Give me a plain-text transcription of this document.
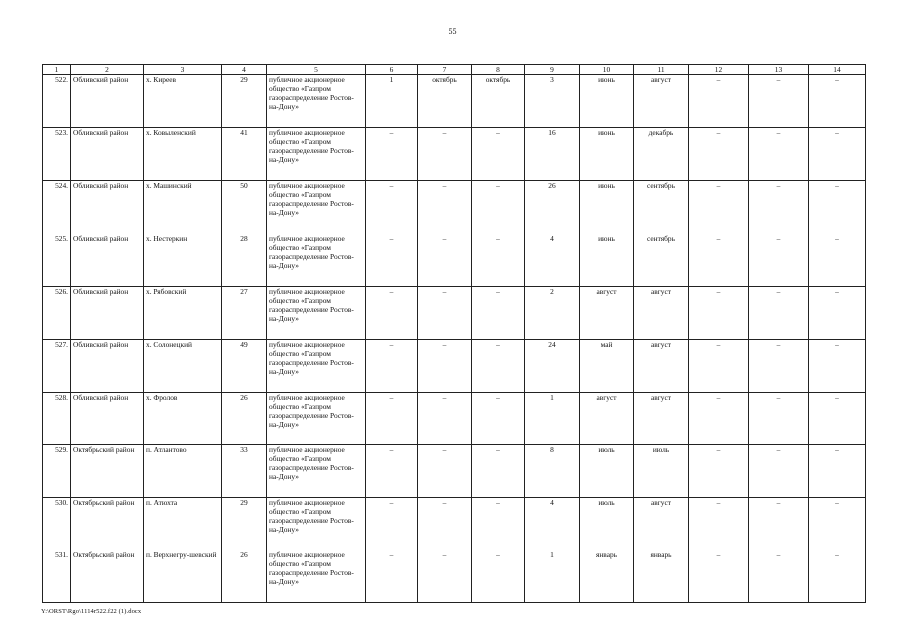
55
1	2	3	4	5	6	7	8	9	10	11	12	13	14
522.	Обливский район	х. Киреев	29	публичное акционерное общество «Газпром газораспределение Ростов-на-Дону»	1	октябрь	октябрь	3	июнь	август	–	–	–
523.	Обливский район	х. Ковыленский	41	публичное акционерное общество «Газпром газораспределение Ростов-на-Дону»	–	–	–	16	июнь	декабрь	–	–	–
524.	Обливский район	х. Машинский	50	публичное акционерное общество «Газпром газораспределение Ростов-на-Дону»	–	–	–	26	июнь	сентябрь	–	–	–
525.	Обливский район	х. Нестеркин	28	публичное акционерное общество «Газпром газораспределение Ростов-на-Дону»	–	–	–	4	июнь	сентябрь	–	–	–
526.	Обливский район	х. Рябовский	27	публичное акционерное общество «Газпром газораспределение Ростов-на-Дону»	–	–	–	2	август	август	–	–	–
527.	Обливский район	х. Солонецкий	49	публичное акционерное общество «Газпром газораспределение Ростов-на-Дону»	–	–	–	24	май	август	–	–	–
528.	Обливский район	х. Фролов	26	публичное акционерное общество «Газпром газораспределение Ростов-на-Дону»	–	–	–	1	август	август	–	–	–
529.	Октябрьский район	п. Атлантово	33	публичное акционерное общество «Газпром газораспределение Ростов-на-Дону»	–	–	–	8	июль	июль	–	–	–
530.	Октябрьский район	п. Атюхта	29	публичное акционерное общество «Газпром газораспределение Ростов-на-Дону»	–	–	–	4	июль	август	–	–	–
531.	Октябрьский район	п. Верхнегру-шевский	26	публичное акционерное общество «Газпром газораспределение Ростов-на-Дону»	–	–	–	1	январь	январь	–	–	–
Y:\ORST\Rgo\1114r522.f22 (1).docx
